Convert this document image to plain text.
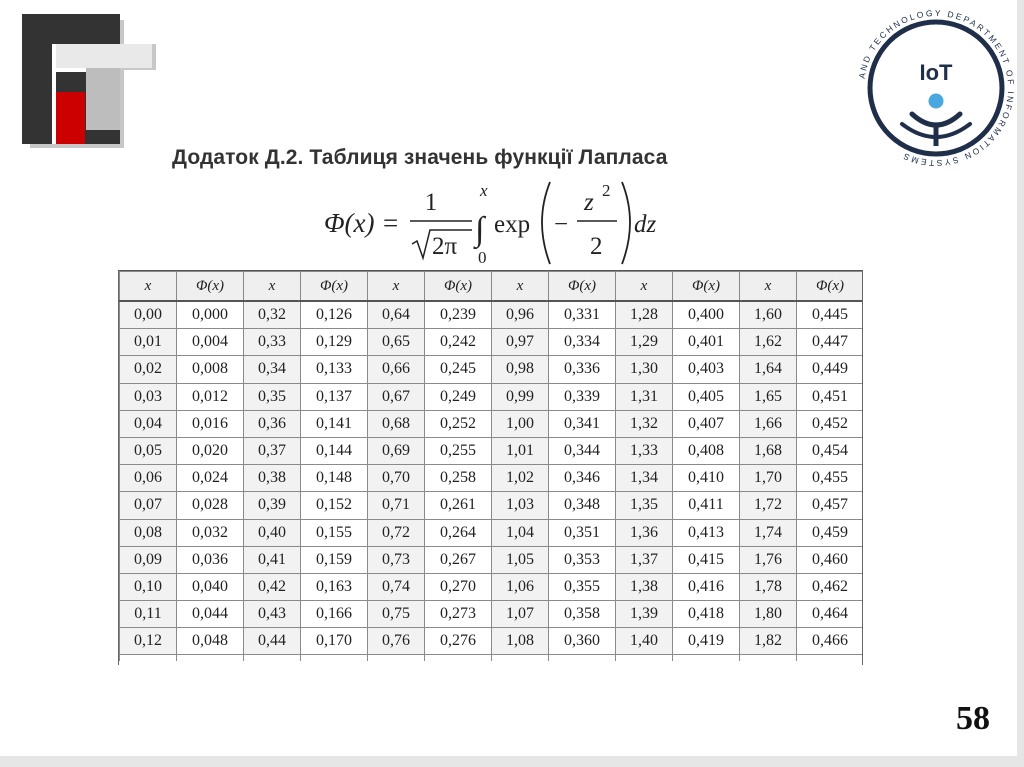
AND TECHNOLOGY DEPARTMENT OF INFORMATION SYSTEMS
IoT
Додаток Д.2. Таблиця значень функції Лапласа
Φ(x) =
1
2π
x
∫
0
exp −
z 2
2
dz
x	Φ(x)	x	Φ(x)	x	Φ(x)	x	Φ(x)	x	Φ(x)	x	Φ(x)
0,00	0,000	0,32	0,126	0,64	0,239	0,96	0,331	1,28	0,400	1,60	0,445
0,01	0,004	0,33	0,129	0,65	0,242	0,97	0,334	1,29	0,401	1,62	0,447
0,02	0,008	0,34	0,133	0,66	0,245	0,98	0,336	1,30	0,403	1,64	0,449
0,03	0,012	0,35	0,137	0,67	0,249	0,99	0,339	1,31	0,405	1,65	0,451
0,04	0,016	0,36	0,141	0,68	0,252	1,00	0,341	1,32	0,407	1,66	0,452
0,05	0,020	0,37	0,144	0,69	0,255	1,01	0,344	1,33	0,408	1,68	0,454
0,06	0,024	0,38	0,148	0,70	0,258	1,02	0,346	1,34	0,410	1,70	0,455
0,07	0,028	0,39	0,152	0,71	0,261	1,03	0,348	1,35	0,411	1,72	0,457
0,08	0,032	0,40	0,155	0,72	0,264	1,04	0,351	1,36	0,413	1,74	0,459
0,09	0,036	0,41	0,159	0,73	0,267	1,05	0,353	1,37	0,415	1,76	0,460
0,10	0,040	0,42	0,163	0,74	0,270	1,06	0,355	1,38	0,416	1,78	0,462
0,11	0,044	0,43	0,166	0,75	0,273	1,07	0,358	1,39	0,418	1,80	0,464
0,12	0,048	0,44	0,170	0,76	0,276	1,08	0,360	1,40	0,419	1,82	0,466

58
